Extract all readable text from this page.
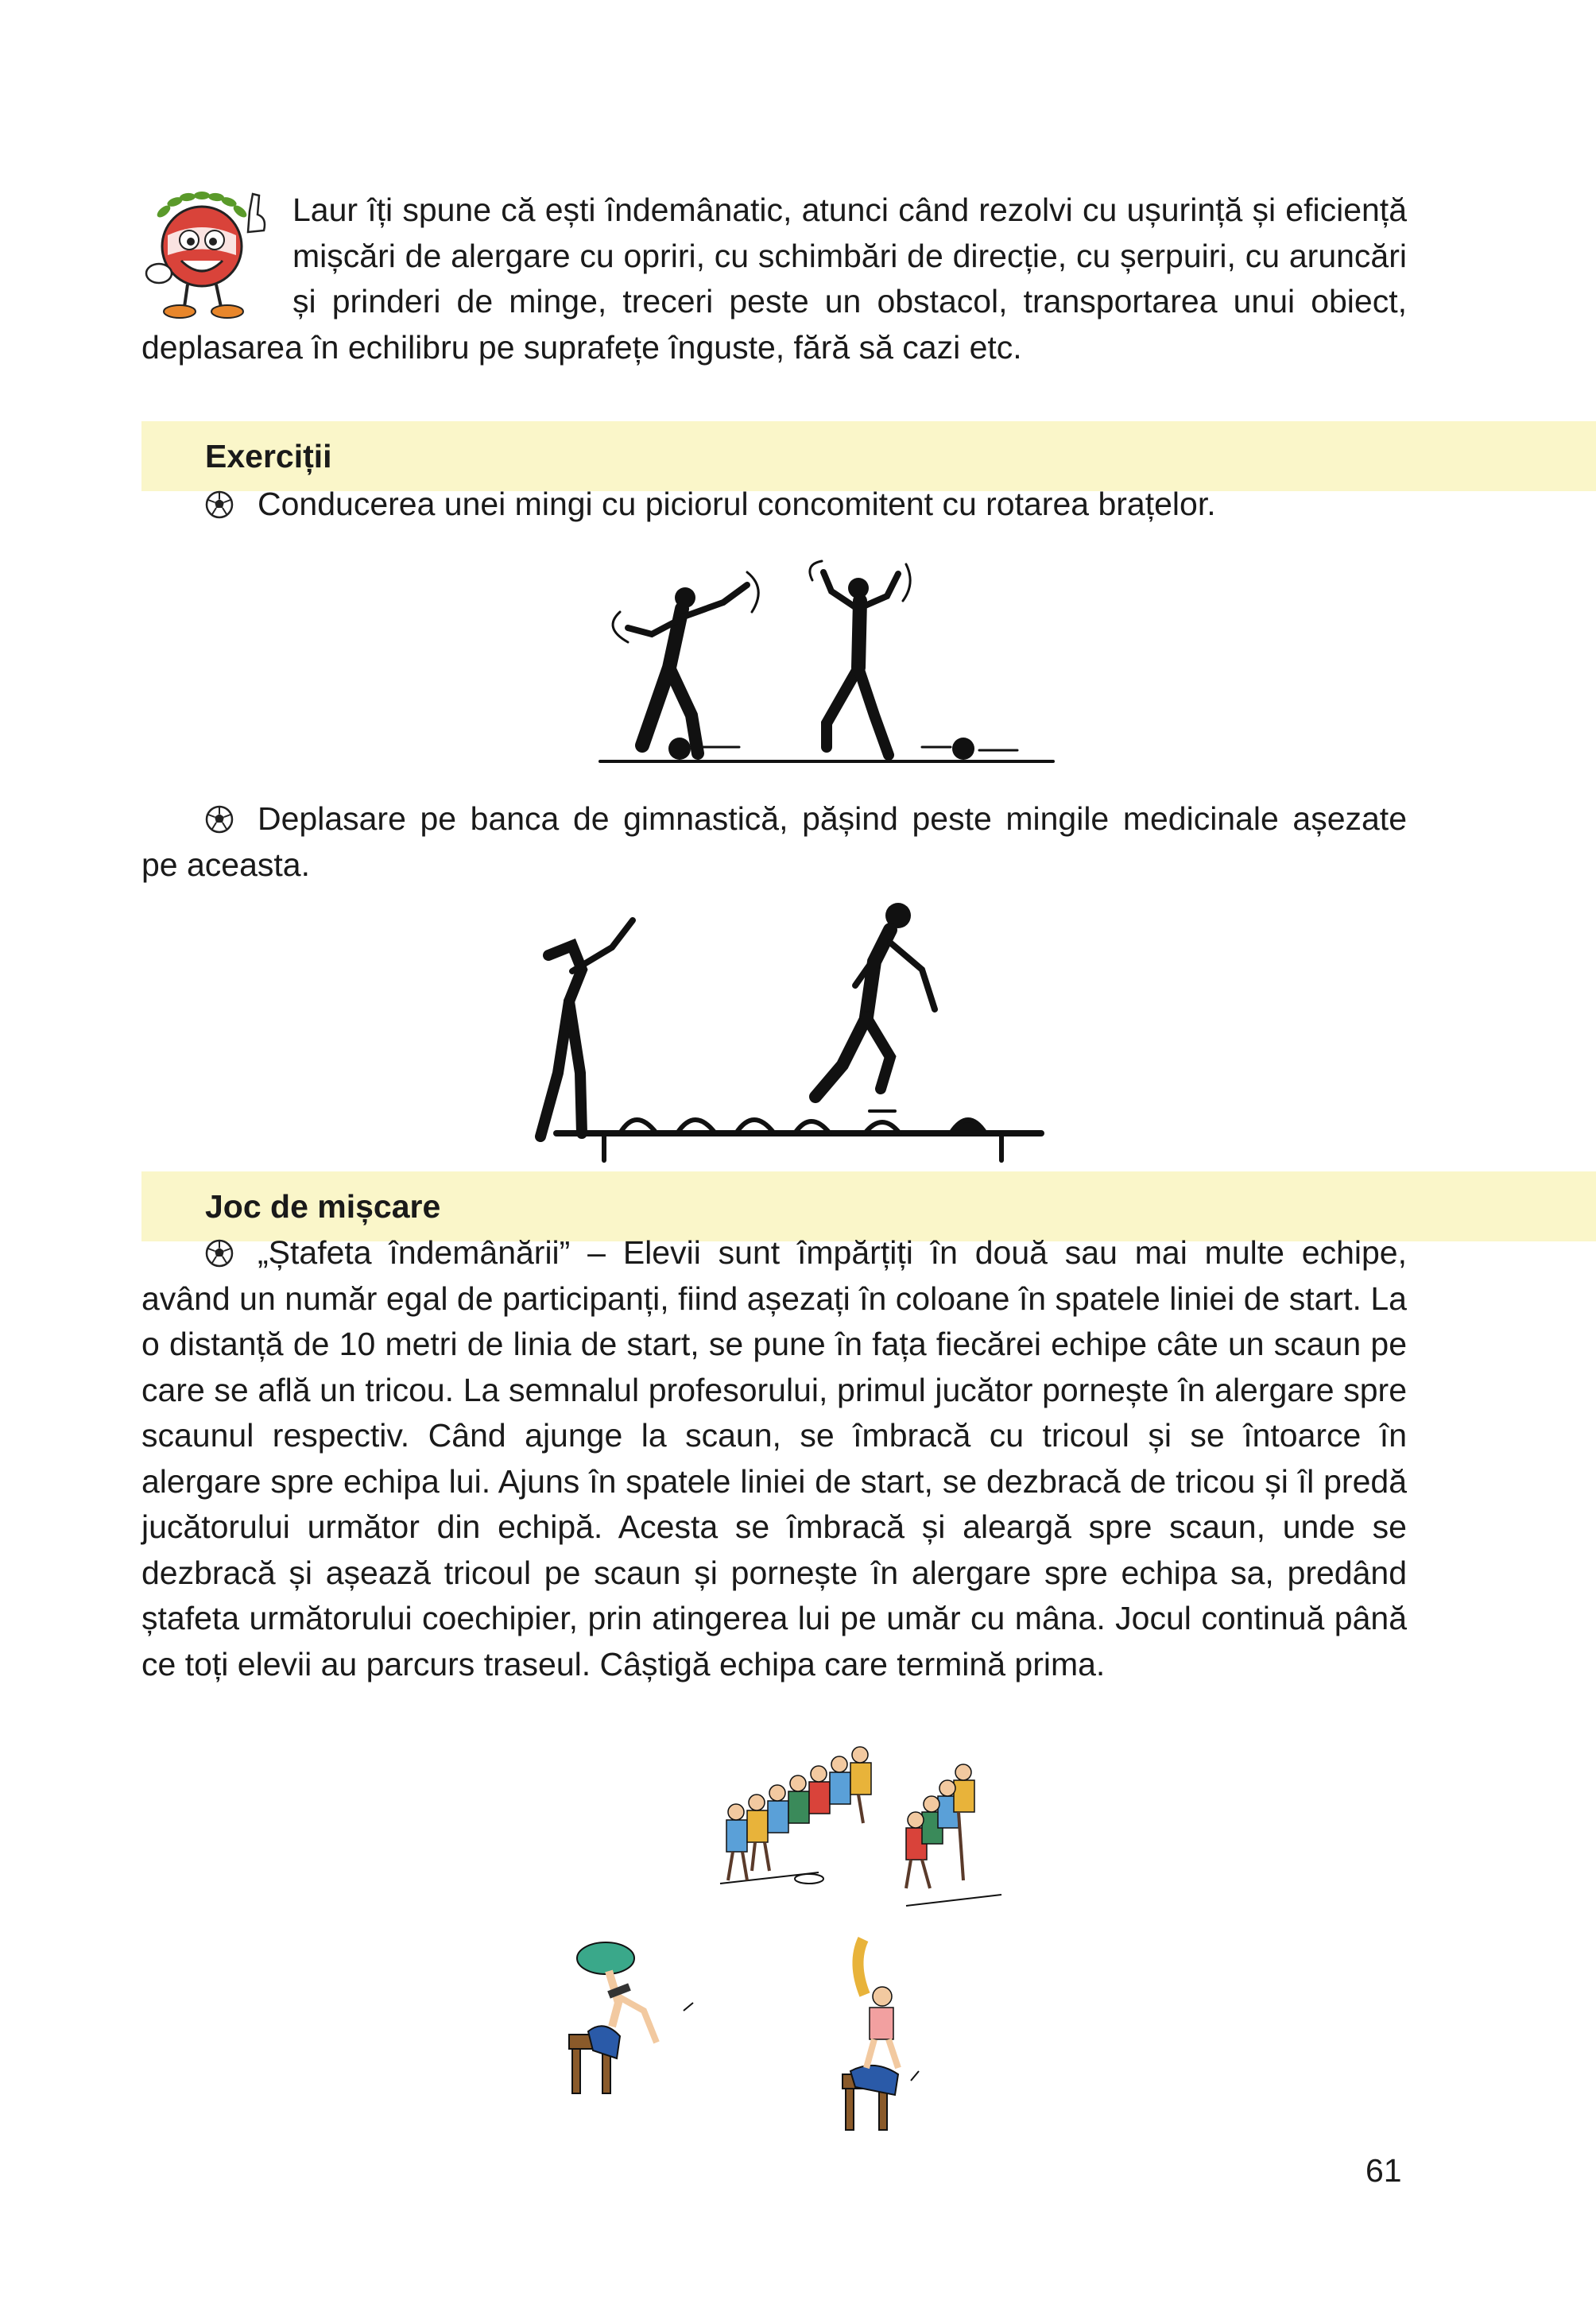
Laur îți spune că ești îndemânatic, atunci când rezolvi cu ușurință și eficiență mișcări de alergare cu opriri, cu schimbări de direcție, cu șerpuiri, cu aruncări și prinderi de minge, treceri peste un obstacol, transportarea unui obiect, deplasarea în echilibru pe suprafețe înguste, fără să cazi etc.
Exerciții
Conducerea unei mingi cu piciorul concomitent cu rotarea brațelor.
Deplasare pe banca de gimnastică, pășind peste mingile medicinale așezate pe aceasta.
Joc de mișcare
„Ștafeta îndemânării” – Elevii sunt împărțiți în două sau mai multe echipe, având un număr egal de participanți, fiind așezați în coloane în spatele liniei de start. La o distanță de 10 metri de linia de start, se pune în fața fiecărei echipe câte un scaun pe care se află un tricou. La semnalul profesorului, primul jucător pornește în alergare spre scaunul respectiv. Când ajunge la scaun, se îmbracă cu tricoul și se întoarce în alergare spre echipa lui. Ajuns în spatele liniei de start, se dezbracă de tricou și îl predă jucătorului următor din echipă. Acesta se îmbracă și aleargă spre scaun, unde se dezbracă și așează tricoul pe scaun și pornește în alergare spre echipa sa, predând ștafeta următorului coechipier, prin atingerea lui pe umăr cu mâna. Jocul continuă până ce toți elevii au parcurs traseul. Câștigă echipa care termină prima.
61
